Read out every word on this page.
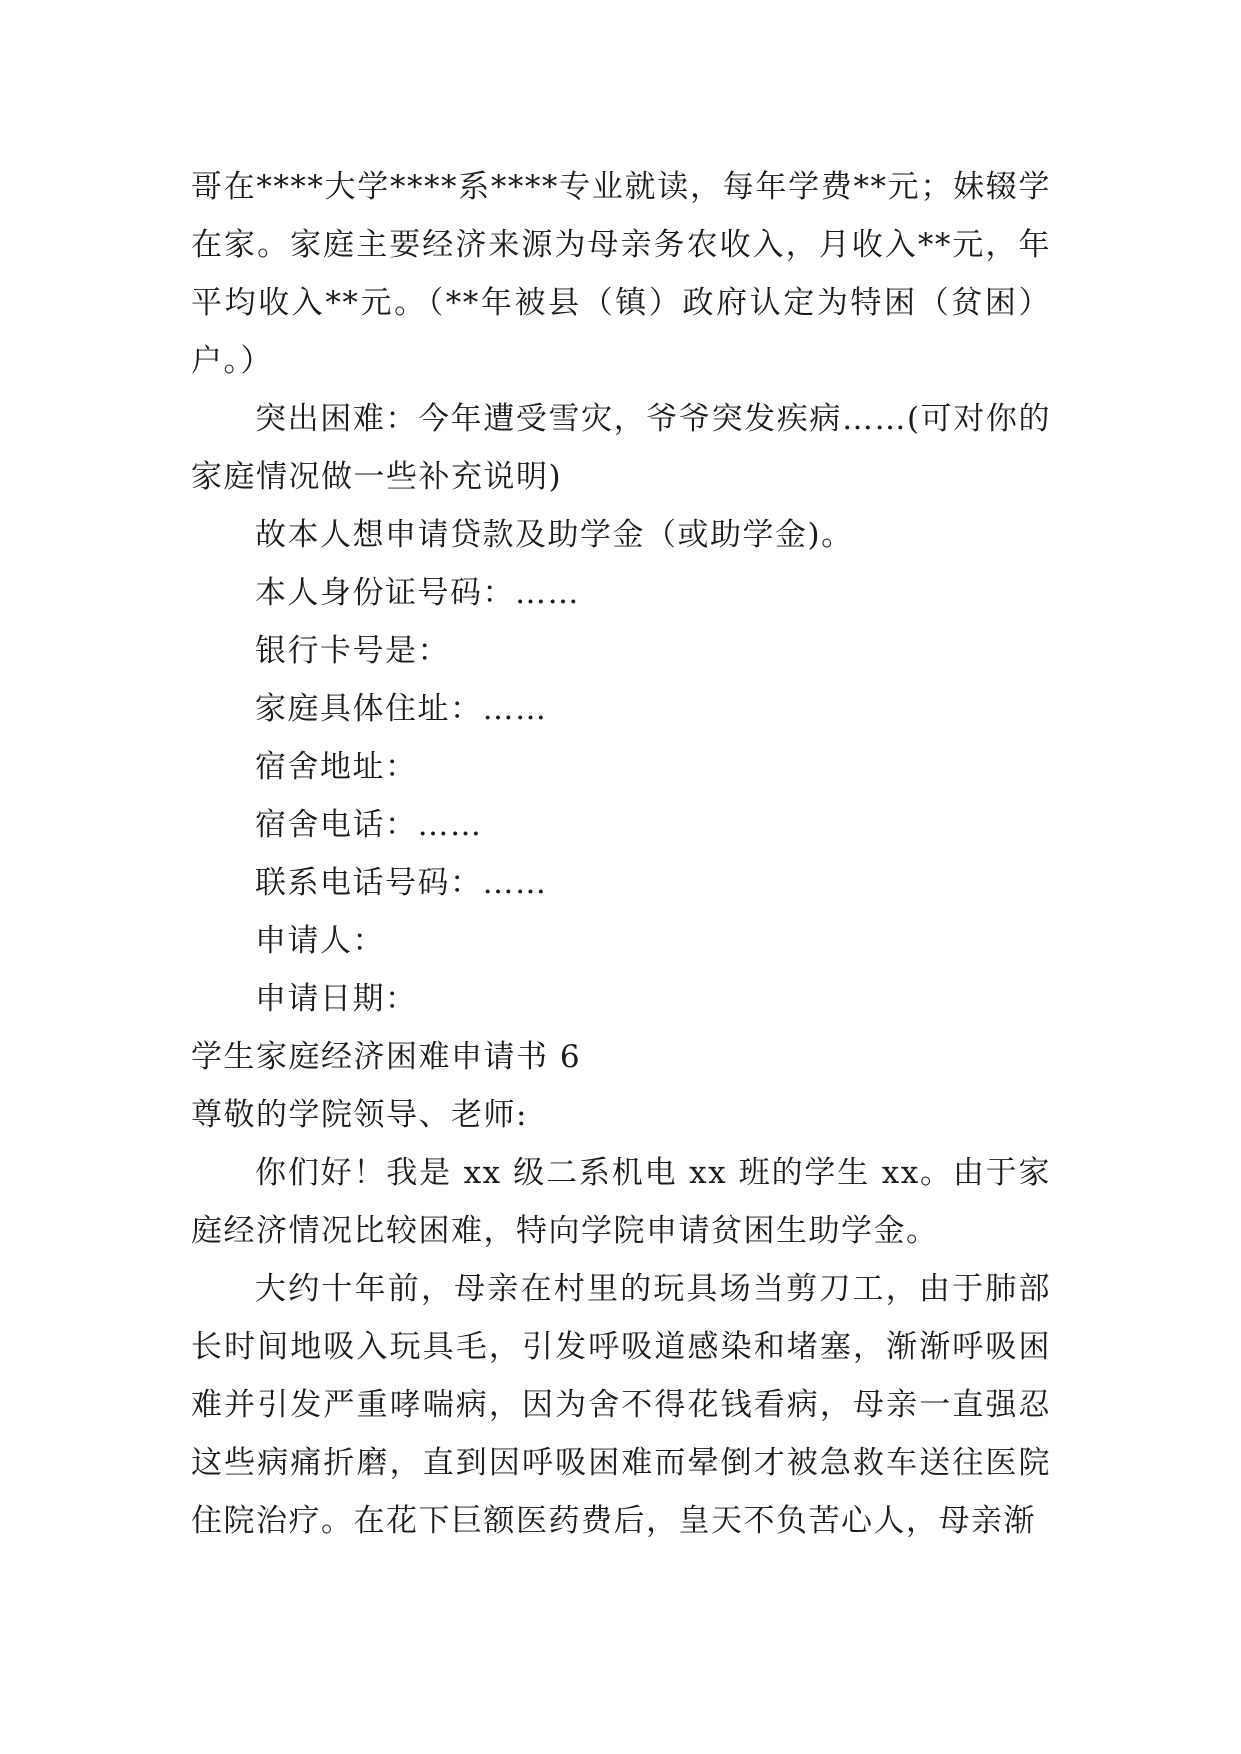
哥在****大学****系****专业就读，每年学费**元；妹辍学在家。家庭主要经济来源为母亲务农收入，月收入**元，年平均收入**元。（**年被县（镇）政府认定为特困（贫困）户。）

突出困难：今年遭受雪灾，爷爷突发疾病……(可对你的家庭情况做一些补充说明)

故本人想申请贷款及助学金（或助学金)。

本人身份证号码：……

银行卡号是：

家庭具体住址：……

宿舍地址：

宿舍电话：……

联系电话号码：……

申请人：

申请日期：

学生家庭经济困难申请书 6

尊敬的学院领导、老师:

你们好！我是 xx 级二系机电 xx 班的学生 xx。由于家庭经济情况比较困难，特向学院申请贫困生助学金。

大约十年前，母亲在村里的玩具场当剪刀工，由于肺部长时间地吸入玩具毛，引发呼吸道感染和堵塞，渐渐呼吸困难并引发严重哮喘病，因为舍不得花钱看病，母亲一直强忍这些病痛折磨，直到因呼吸困难而晕倒才被急救车送往医院住院治疗。在花下巨额医药费后，皇天不负苦心人，母亲渐
